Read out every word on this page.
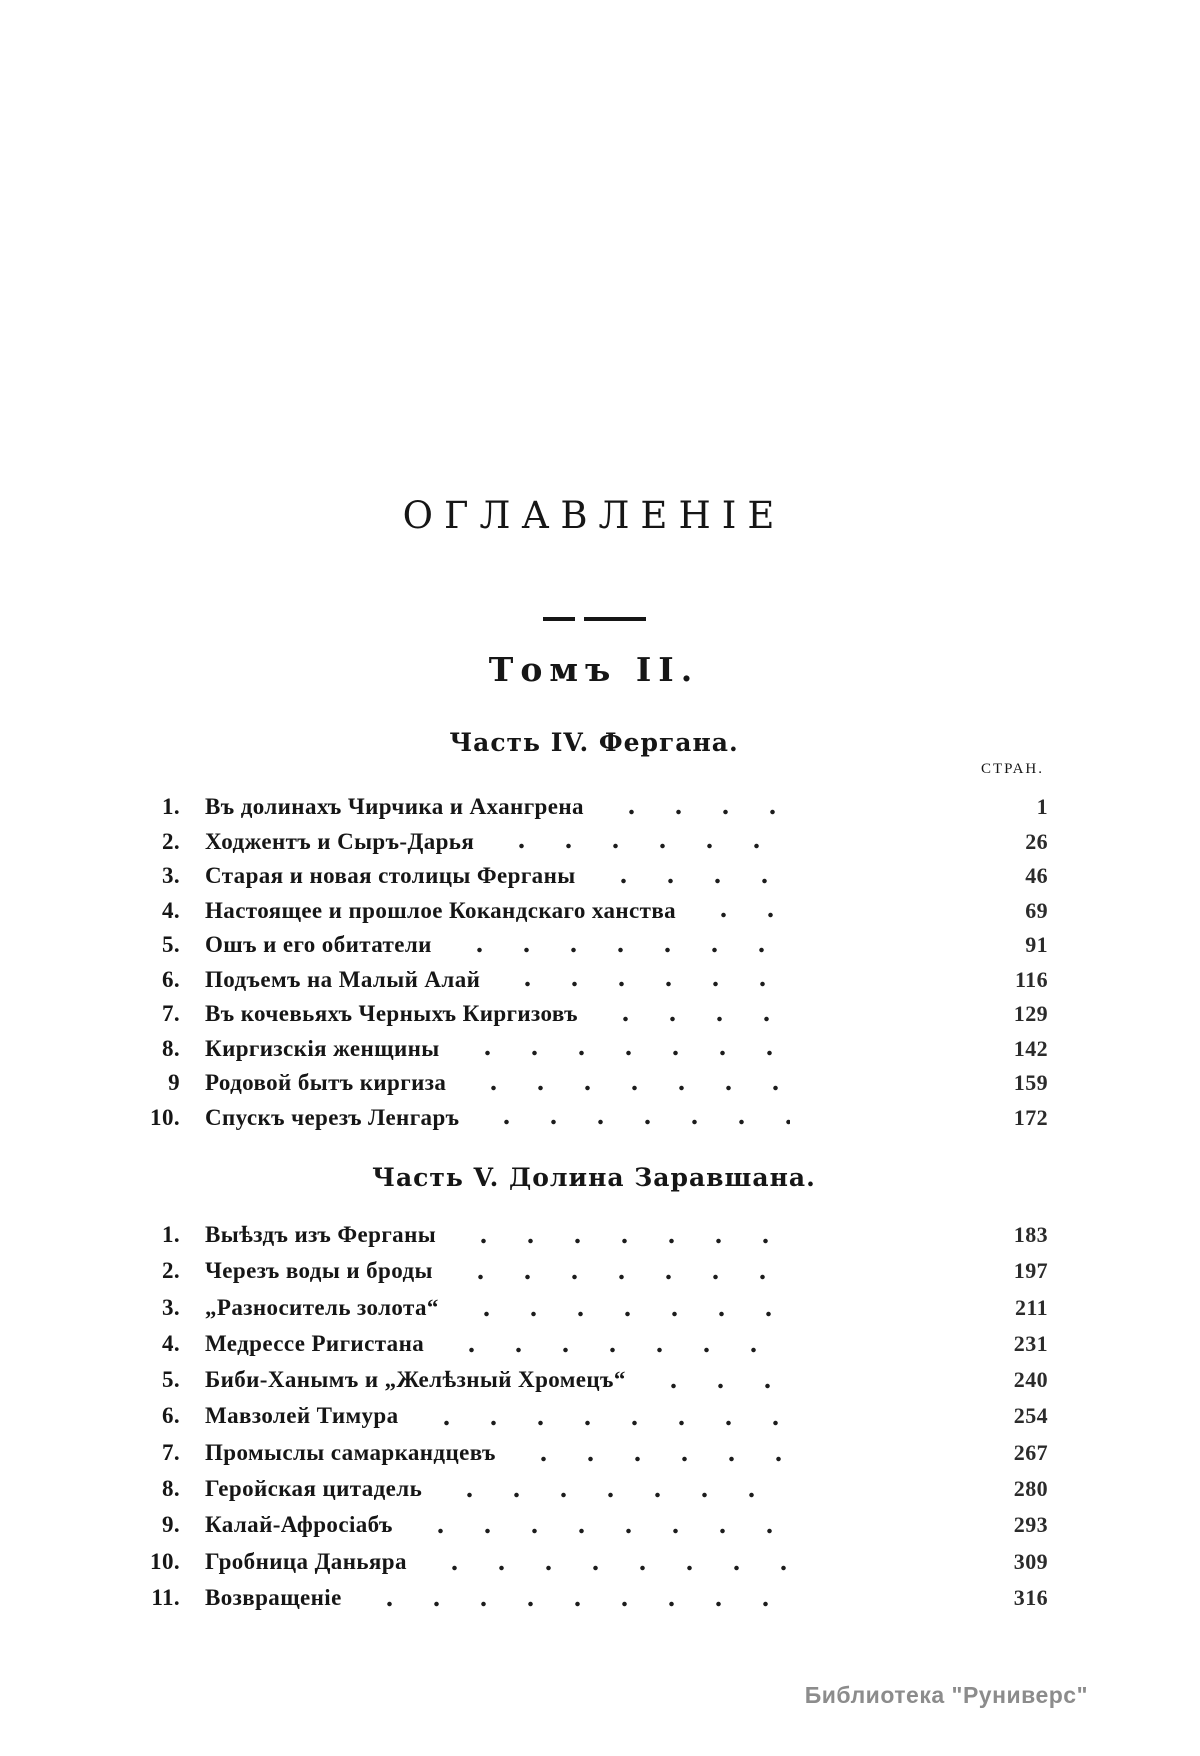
ОГЛАВЛЕНІЕ
Томъ II.
Часть IV. Фергана.
СТРАН.
1. Въ долинахъ Чирчика и Ахангрена	1
2. Ходжентъ и Сыръ-Дарья	26
3. Старая и новая столицы Ферганы	46
4. Настоящее и прошлое Кокандскаго ханства	69
5. Ошъ и его обитатели	91
6. Подъемъ на Малый Алай	116
7. Въ кочевьяхъ Черныхъ Киргизовъ	129
8. Киргизскія женщины	142
9 Родовой бытъ киргиза	159
10. Спускъ черезъ Ленгаръ	172
Часть V. Долина Заравшана.
1. Выѣздъ изъ Ферганы	183
2. Черезъ воды и броды	197
3. „Разноситель золота“	211
4. Медрессе Ригистана	231
5. Биби-Ханымъ и „Желѣзный Хромецъ“	240
6. Мавзолей Тимура	254
7. Промыслы самаркандцевъ	267
8. Геройская цитадель	280
9. Калай-Афросіабъ	293
10. Гробница Даньяра	309
11. Возвращеніе	316
Библиотека "Руниверс"
